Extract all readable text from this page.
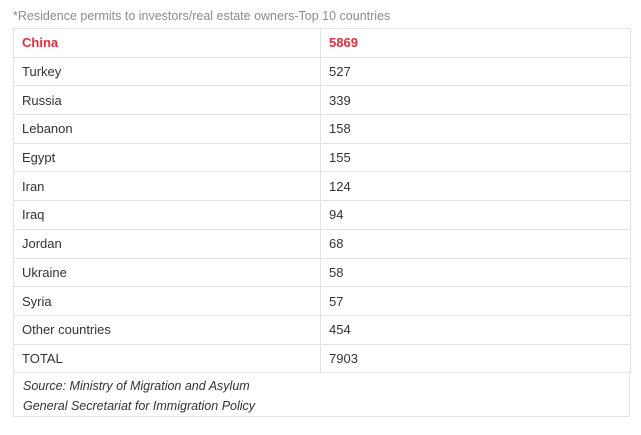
*Residence permits to investors/real estate owners-Top 10 countries
China	5869
Turkey	527
Russia	339
Lebanon	158
Egypt	155
Iran	124
Iraq	94
Jordan	68
Ukraine	58
Syria	57
Other countries	454
TOTAL	7903
Source: Ministry of Migration and Asylum
General Secretariat for Immigration Policy
